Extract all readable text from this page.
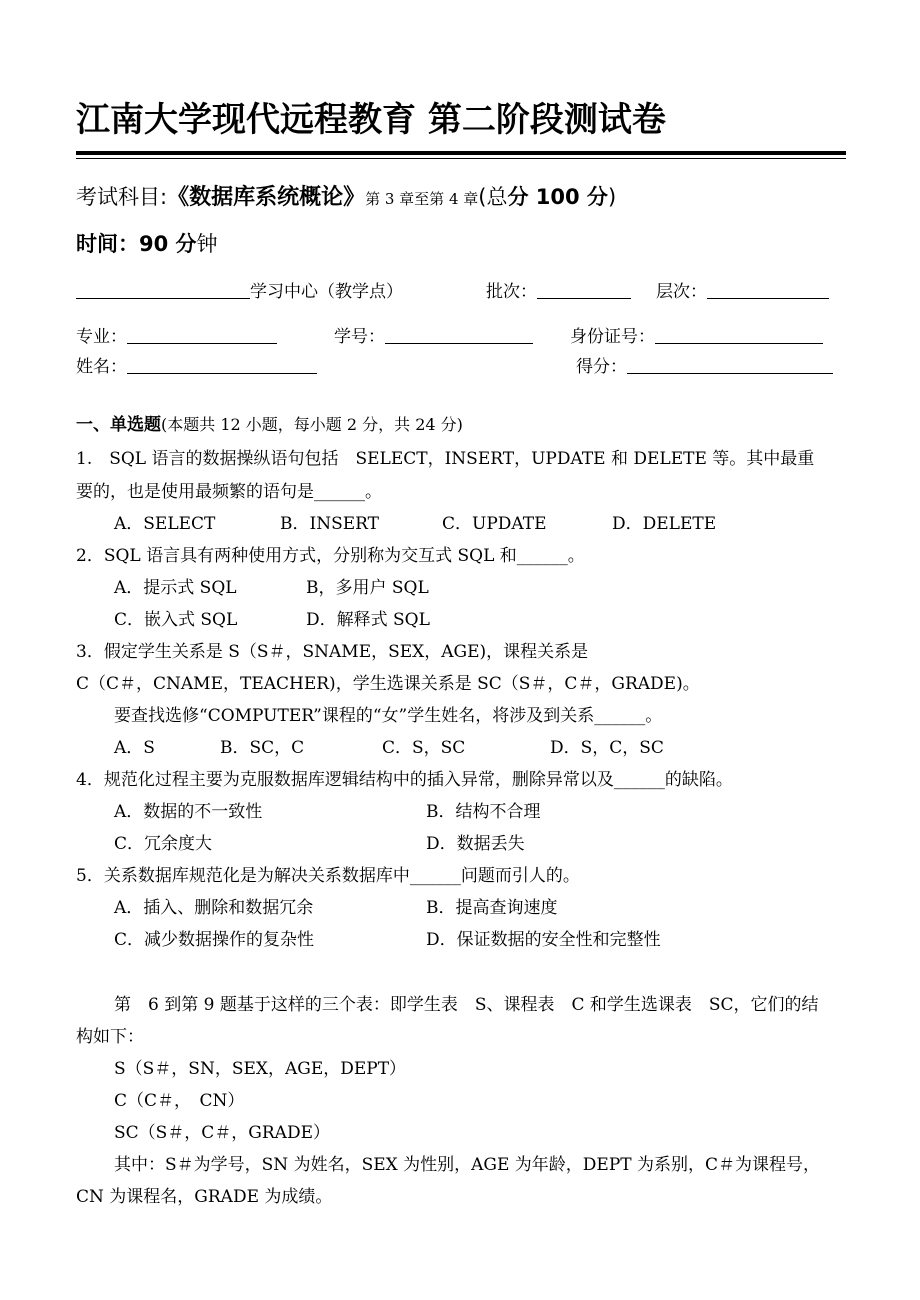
江南大学现代远程教育 第二阶段测试卷
考试科目:《数据库系统概论》第 3 章至第 4 章(总分 100 分)
时间：90 分钟
学习中心（教学点）	批次：	层次：
专业：	学号：	身份证号：
姓名：	得分：
一、单选题(本题共 12 小题，每小题 2 分，共 24 分)
1.　SQL 语言的数据操纵语句包括　SELECT，INSERT，UPDATE 和 DELETE 等。其中最重
要的，也是使用最频繁的语句是______。
A．SELECT	B．INSERT	C．UPDATE	D．DELETE
2．SQL 语言具有两种使用方式，分别称为交互式 SQL 和______。
A．提示式 SQL	B，多用户 SQL
C．嵌入式 SQL	D．解释式 SQL
3．假定学生关系是 S（S＃，SNAME，SEX，AGE)，课程关系是
C（C＃，CNAME，TEACHER)，学生选课关系是 SC（S＃，C＃，GRADE)。
要查找选修“COMPUTER”课程的“女”学生姓名，将涉及到关系______。
A．S	B．SC，C	C．S，SC	D．S，C，SC
4．规范化过程主要为克服数据库逻辑结构中的插入异常，删除异常以及______的缺陷。
A．数据的不一致性	B．结构不合理
C．冗余度大	D．数据丢失
5．关系数据库规范化是为解决关系数据库中______问题而引人的。
A．插入、删除和数据冗余	B．提高查询速度
C．减少数据操作的复杂性	D．保证数据的安全性和完整性
第　6 到第 9 题基于这样的三个表：即学生表　S、课程表　C 和学生选课表　SC，它们的结
构如下：
S（S＃，SN，SEX，AGE，DEPT）
C（C＃，　CN）
SC（S＃，C＃，GRADE）
其中：S＃为学号，SN 为姓名，SEX 为性别，AGE 为年龄，DEPT 为系别，C＃为课程号，
CN 为课程名，GRADE 为成绩。
